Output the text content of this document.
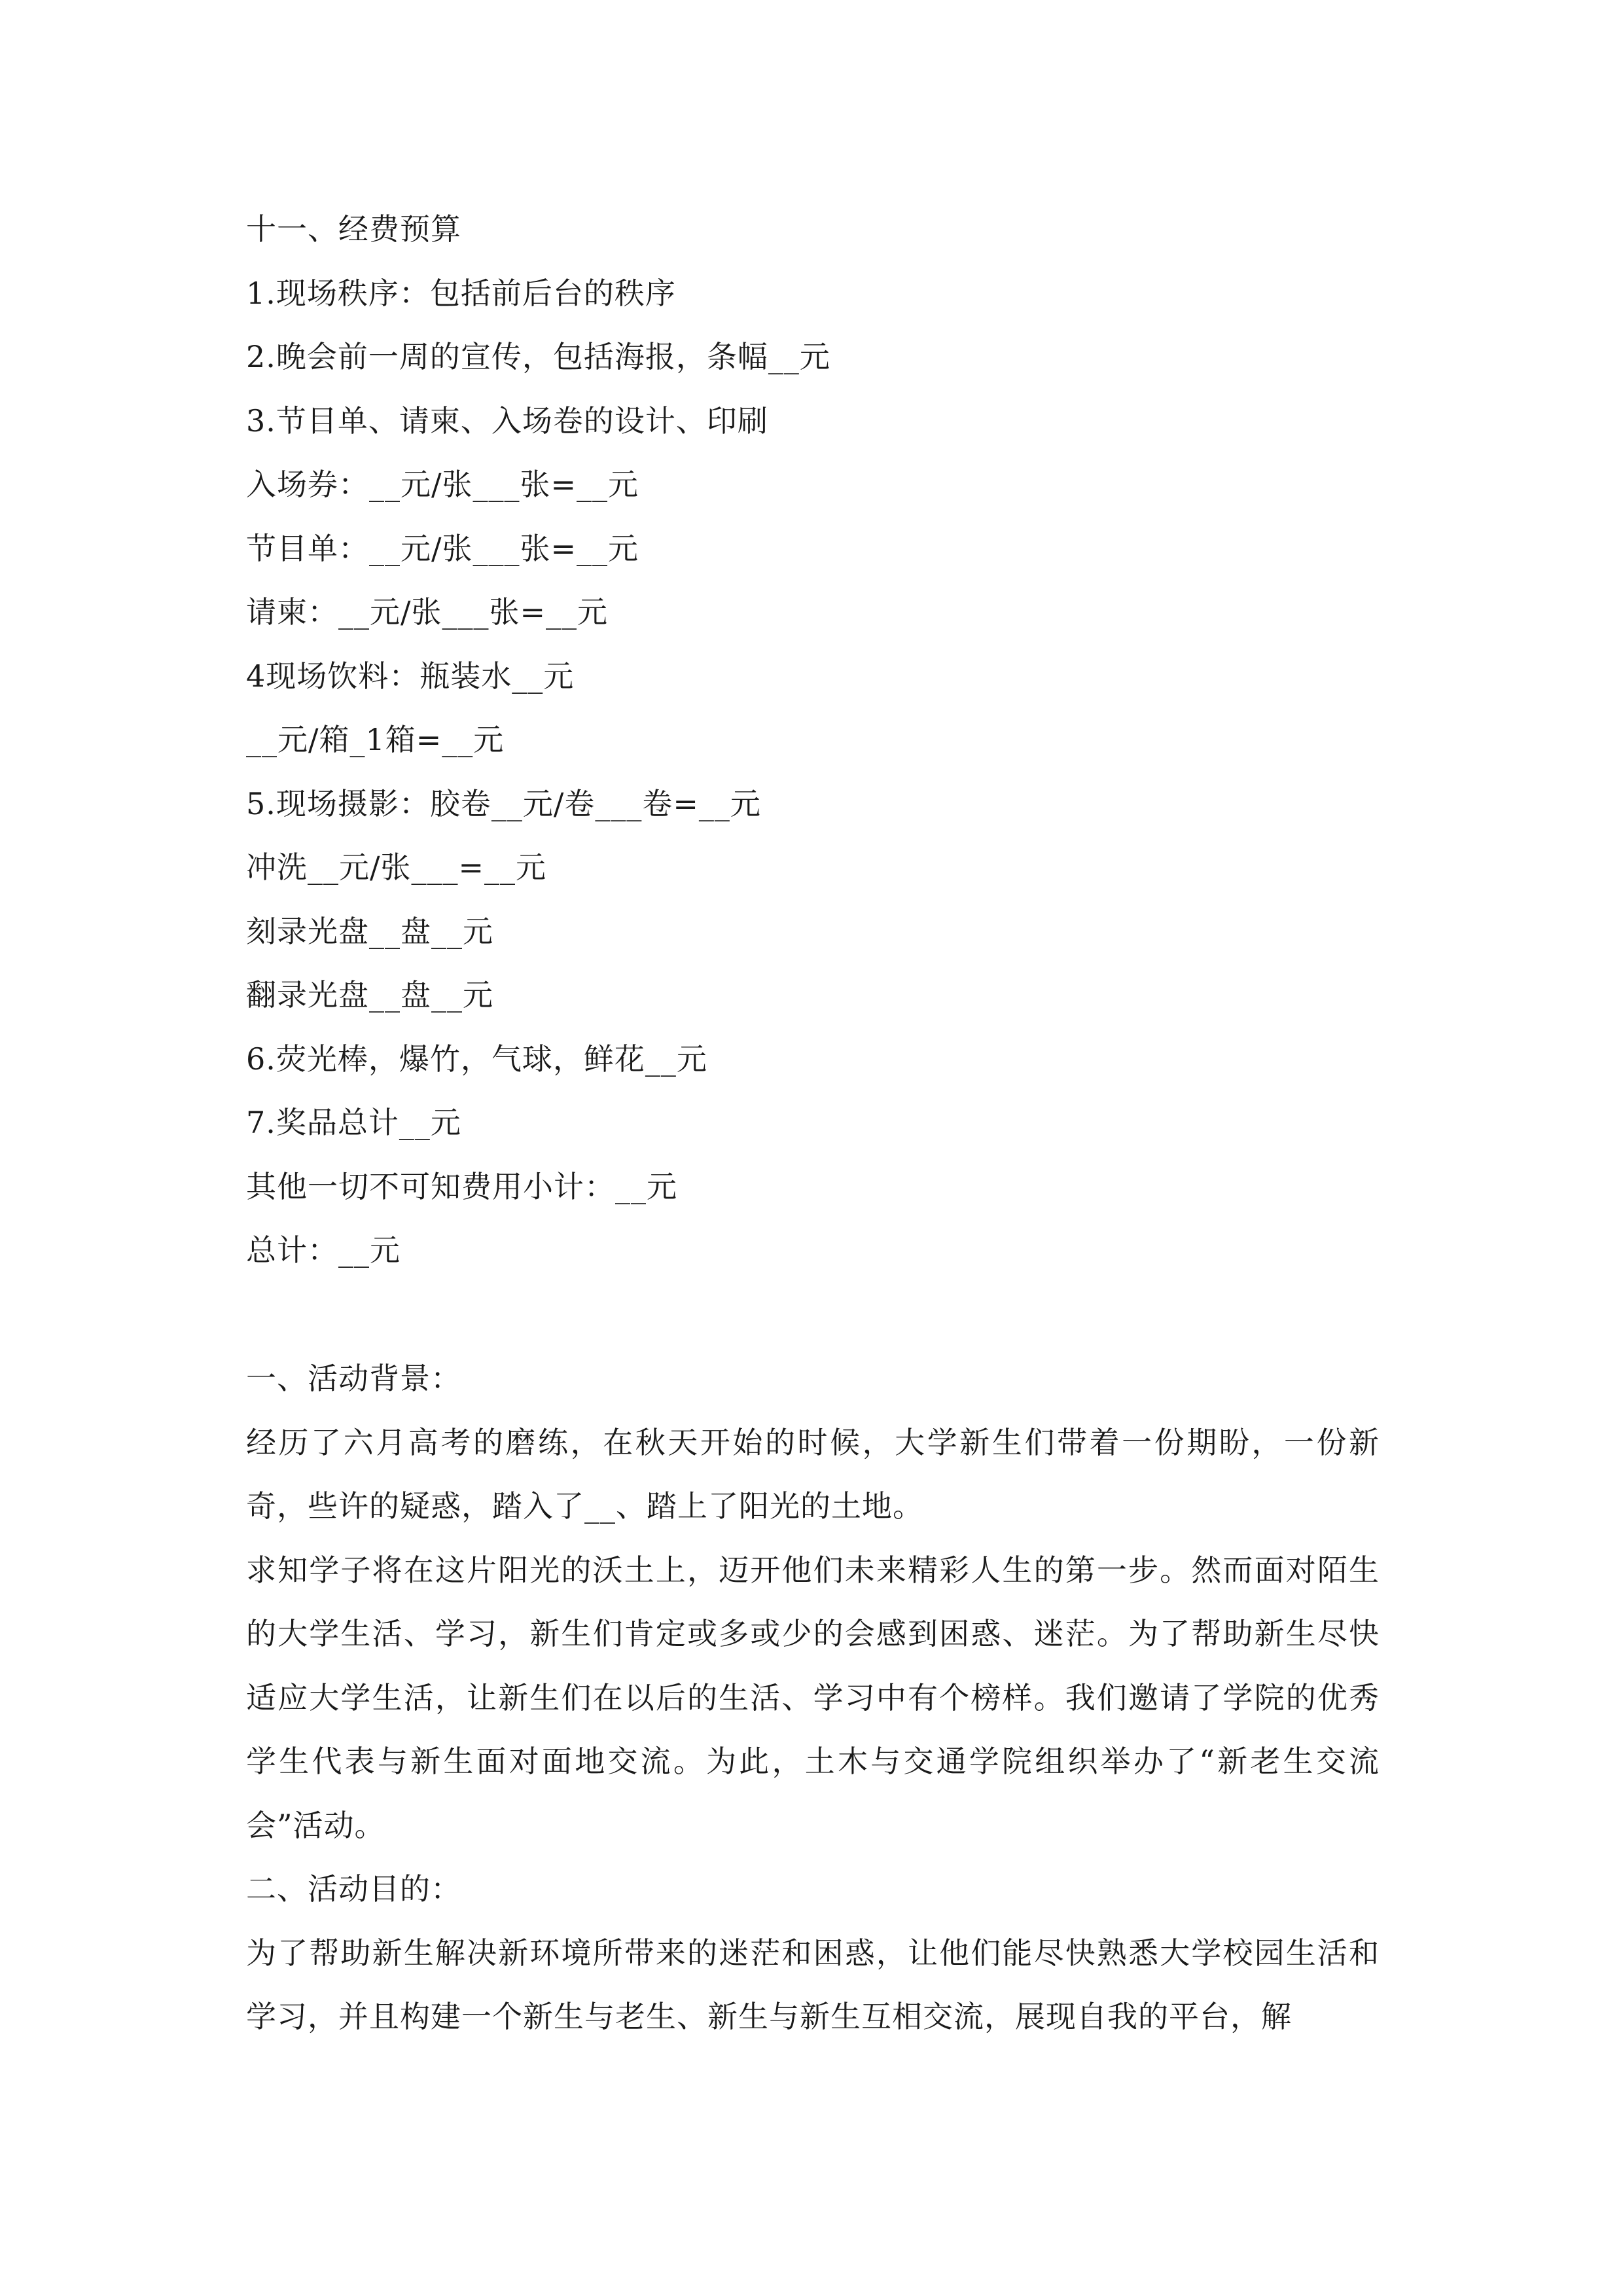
十一、经费预算
1.现场秩序：包括前后台的秩序
2.晚会前一周的宣传，包括海报，条幅__元
3.节目单、请柬、入场卷的设计、印刷
入场券：__元/张___张=__元
节目单：__元/张___张=__元
请柬：__元/张___张=__元
4现场饮料：瓶装水__元
__元/箱_1箱=__元
5.现场摄影：胶卷__元/卷___卷=__元
冲洗__元/张___=__元
刻录光盘__盘__元
翻录光盘__盘__元
6.荧光棒，爆竹，气球，鲜花__元
7.奖品总计__元
其他一切不可知费用小计：__元
总计：__元
一、活动背景：

经历了六月高考的磨练，在秋天开始的时候，大学新生们带着一份期盼，一份新奇，些许的疑惑，踏入了__、踏上了阳光的土地。

求知学子将在这片阳光的沃土上，迈开他们未来精彩人生的第一步。然而面对陌生的大学生活、学习，新生们肯定或多或少的会感到困惑、迷茫。为了帮助新生尽快适应大学生活，让新生们在以后的生活、学习中有个榜样。我们邀请了学院的优秀学生代表与新生面对面地交流。为此，土木与交通学院组织举办了“新老生交流会”活动。

二、活动目的：

为了帮助新生解决新环境所带来的迷茫和困惑，让他们能尽快熟悉大学校园生活和学习，并且构建一个新生与老生、新生与新生互相交流，展现自我的平台，解
